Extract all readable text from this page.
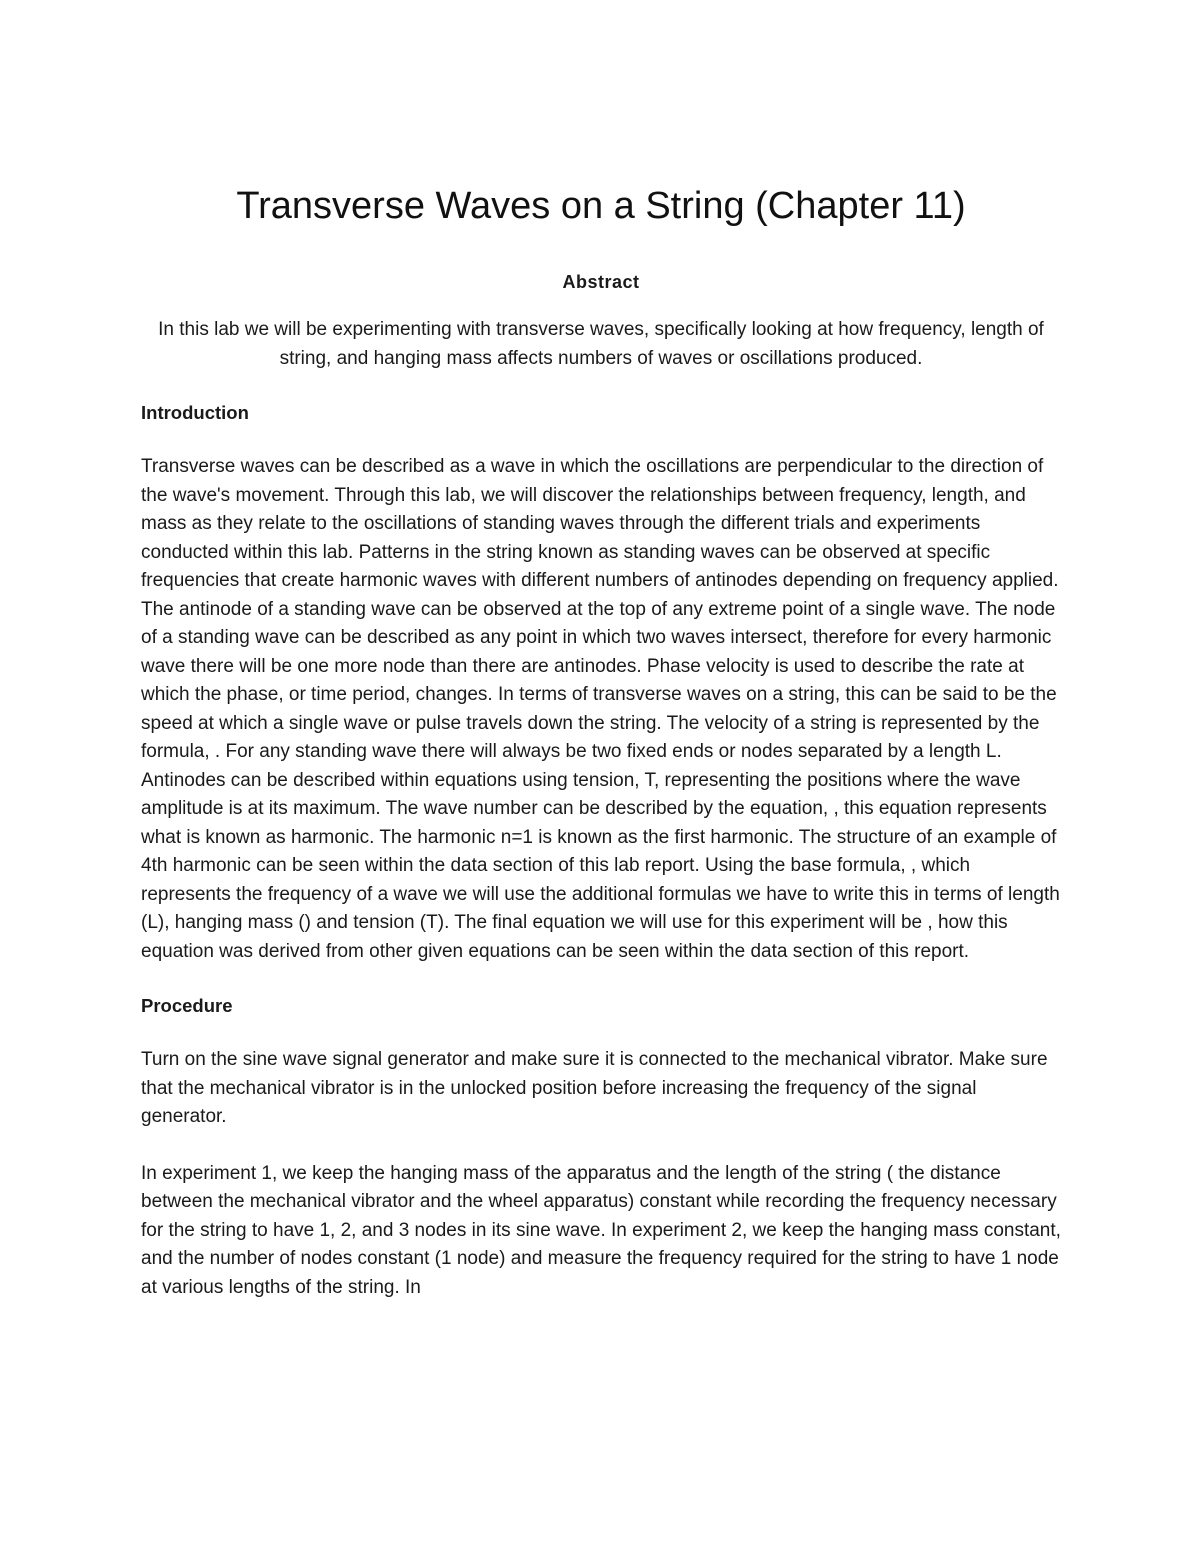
Transverse Waves on a String (Chapter 11)
Abstract

In this lab we will be experimenting with transverse waves, specifically looking at how frequency, length of string, and hanging mass affects numbers of waves or oscillations produced.

Introduction

Transverse waves can be described as a wave in which the oscillations are perpendicular to the direction of the wave's movement. Through this lab, we will discover the relationships between frequency, length, and mass as they relate to the oscillations of standing waves through the different trials and experiments conducted within this lab. Patterns in the string known as standing waves can be observed at specific frequencies that create harmonic waves with different numbers of antinodes depending on frequency applied. The antinode of a standing wave can be observed at the top of any extreme point of a single wave. The node of a standing wave can be described as any point in which two waves intersect, therefore for every harmonic wave there will be one more node than there are antinodes. Phase velocity is used to describe the rate at which the phase, or time period, changes. In terms of transverse waves on a string, this can be said to be the speed at which a single wave or pulse travels down the string. The velocity of a string is represented by the formula, . For any standing wave there will always be two fixed ends or nodes separated by a length L. Antinodes can be described within equations using tension, T, representing the positions where the wave amplitude is at its maximum. The wave number can be described by the equation, , this equation represents what is known as harmonic. The harmonic n=1 is known as the first harmonic. The structure of an example of 4th harmonic can be seen within the data section of this lab report. Using the base formula, , which represents the frequency of a wave we will use the additional formulas we have to write this in terms of length (L), hanging mass () and tension (T). The final equation we will use for this experiment will be , how this equation was derived from other given equations can be seen within the data section of this report.

Procedure

Turn on the sine wave signal generator and make sure it is connected to the mechanical vibrator. Make sure that the mechanical vibrator is in the unlocked position before increasing the frequency of the signal generator.

In experiment 1, we keep the hanging mass of the apparatus and the length of the string ( the distance between the mechanical vibrator and the wheel apparatus) constant while recording the frequency necessary for the string to have 1, 2, and 3 nodes in its sine wave. In experiment 2, we keep the hanging mass constant, and the number of nodes constant (1 node) and measure the frequency required for the string to have 1 node at various lengths of the string. In
